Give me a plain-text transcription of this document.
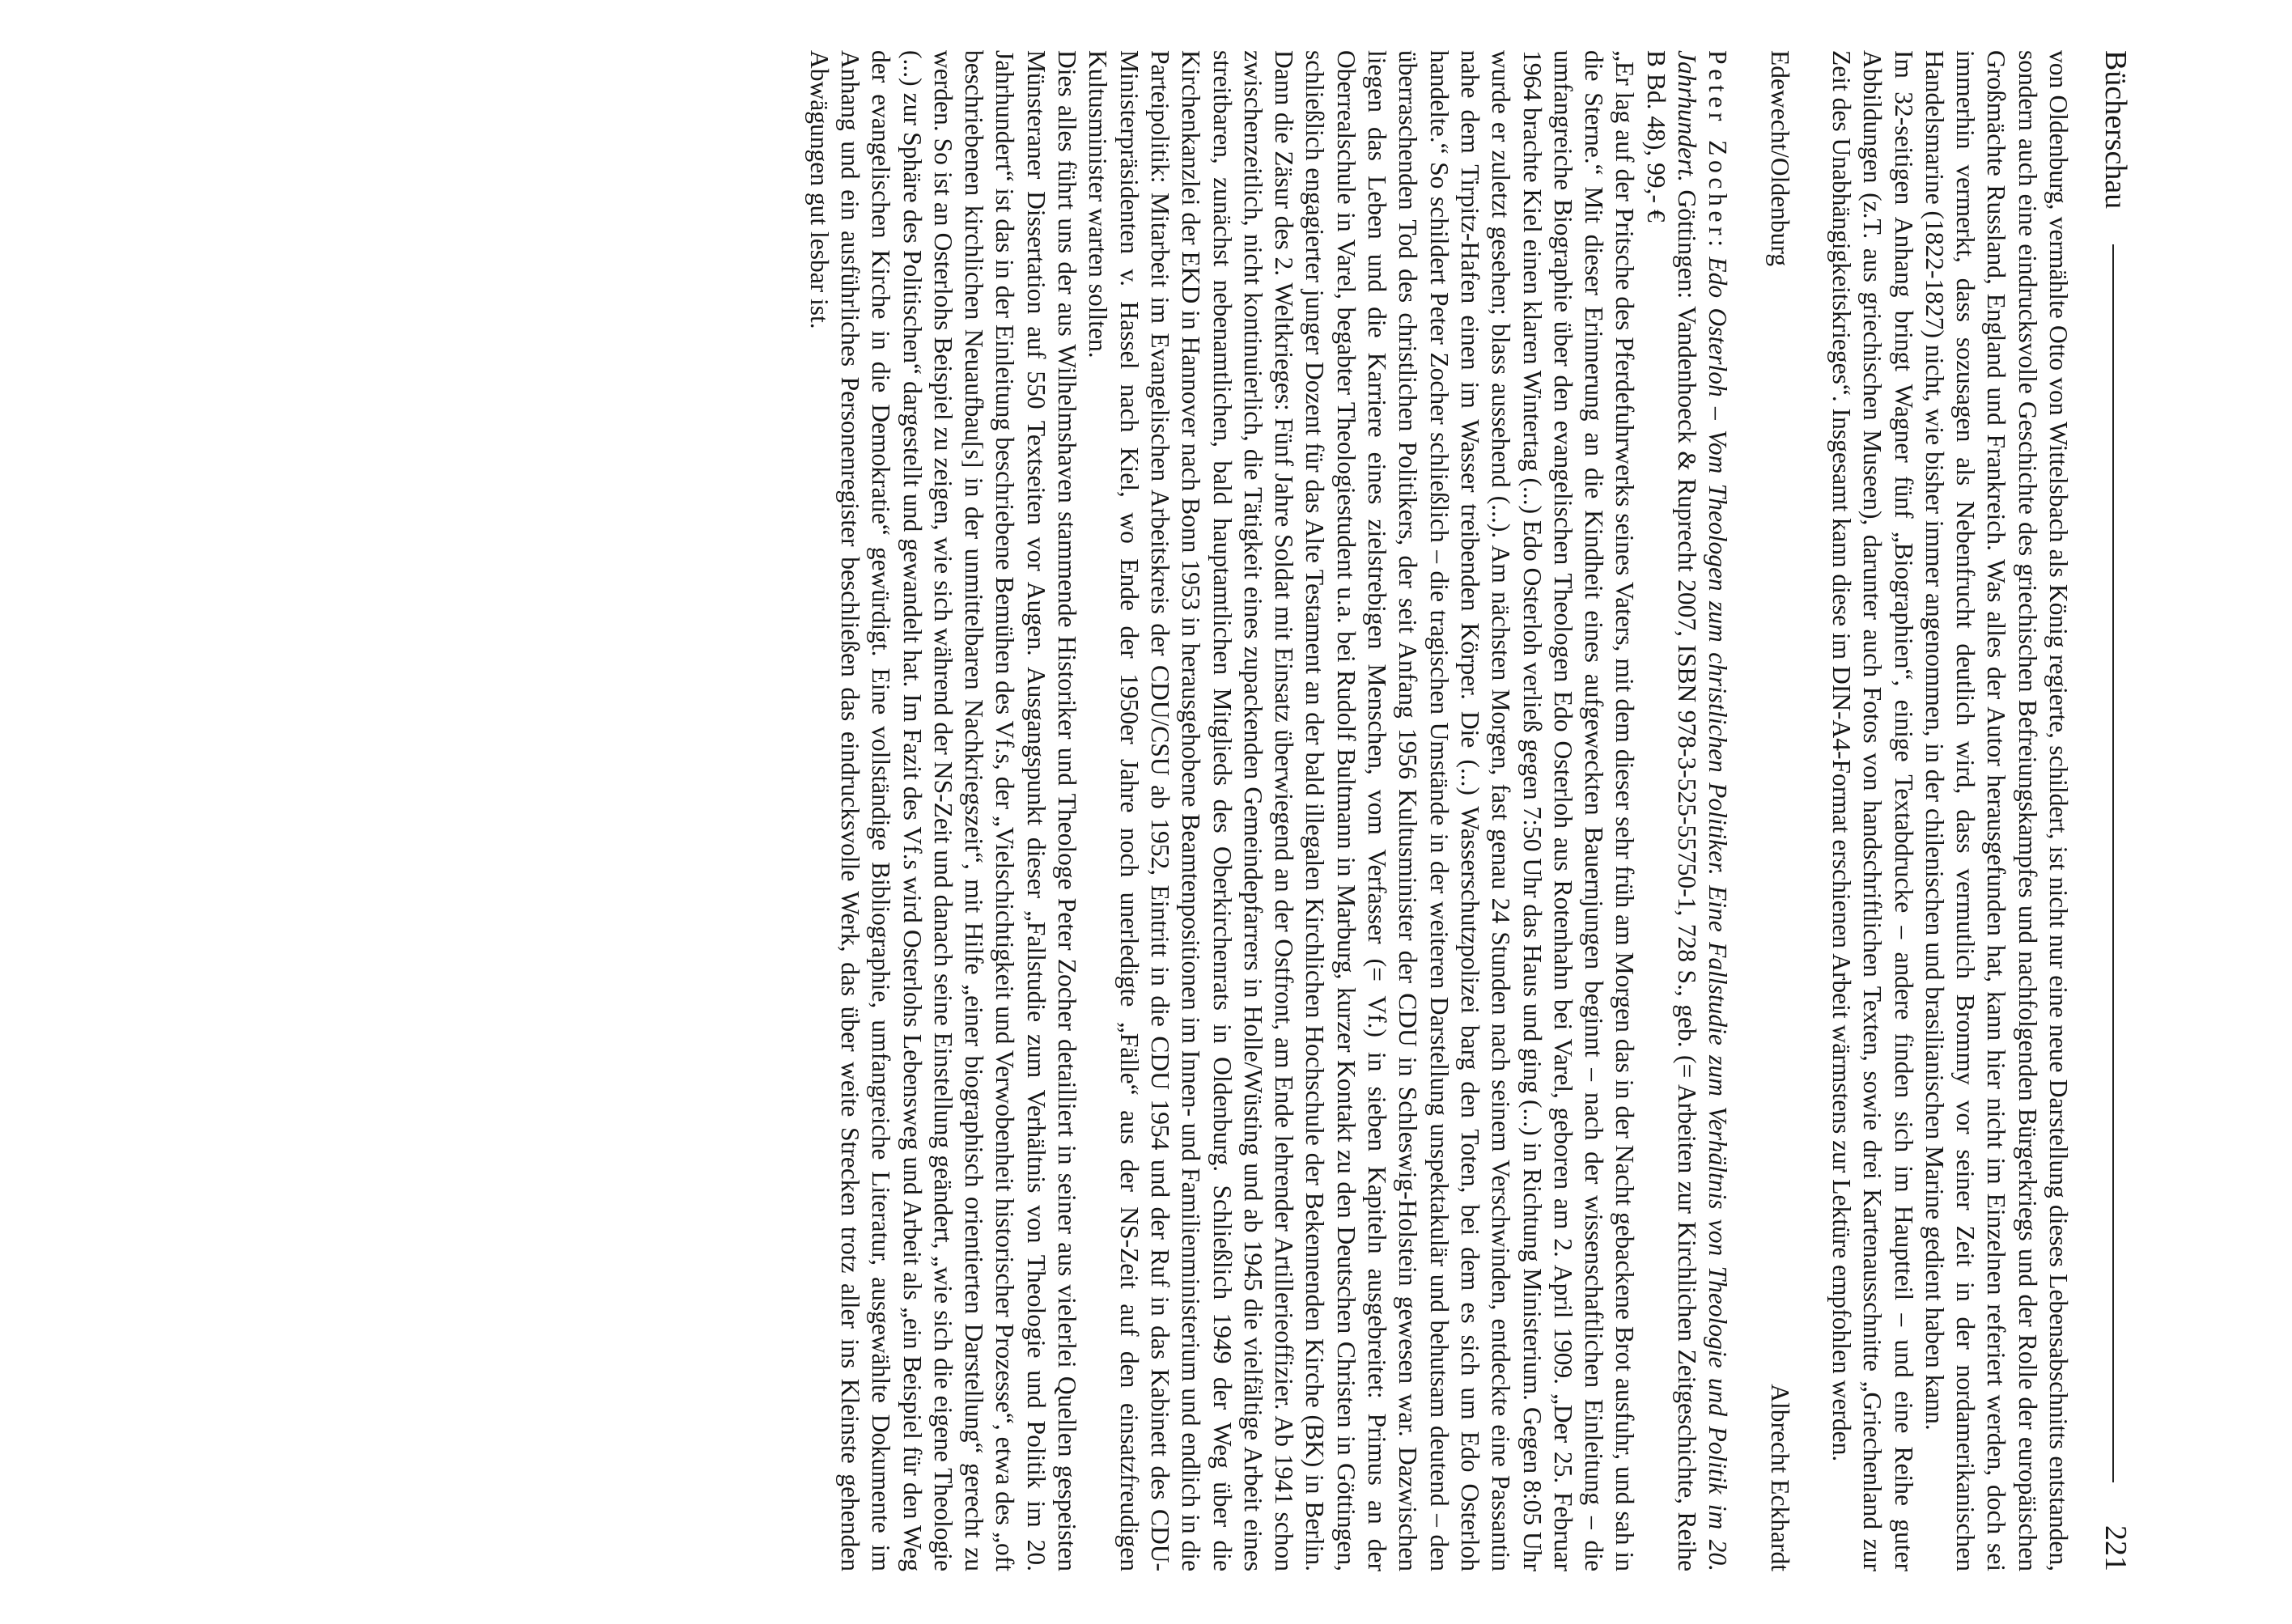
Bücherschau
221

von Oldenburg, vermählte Otto von Wittelsbach als König regierte, schildert, ist nicht nur eine neue Darstellung dieses Lebensabschnitts entstanden, sondern auch eine eindrucksvolle Geschichte des griechischen Befreiungskampfes und nachfolgenden Bürgerkriegs und der Rolle der europäischen Großmächte Russland, England und Frankreich. Was alles der Autor herausgefunden hat, kann hier nicht im Einzelnen referiert werden, doch sei immerhin vermerkt, dass sozusagen als Nebenfrucht deutlich wird, dass vermutlich Brommy vor seiner Zeit in der nordamerikanischen Handelsmarine (1822-1827) nicht, wie bisher immer angenommen, in der chilenischen und brasilianischen Marine gedient haben kann.

Im 32-seitigen Anhang bringt Wagner fünf „Biographien“, einige Textabdrucke – andere finden sich im Hauptteil – und eine Reihe guter Abbildungen (z.T. aus griechischen Museen), darunter auch Fotos von handschriftlichen Texten, sowie drei Kartenausschnitte „Griechenland zur Zeit des Unabhängigkeitskrieges“. Insgesamt kann diese im DIN-A4-Format erschienen Arbeit wärmstens zur Lektüre empfohlen werden.

Edewecht/Oldenburg
Albrecht Eckhardt

Peter Zocher: Edo Osterloh – Vom Theologen zum christlichen Politiker. Eine Fallstudie zum Verhältnis von Theologie und Politik im 20. Jahrhundert. Göttingen: Vandenhoeck & Ruprecht 2007, ISBN 978-3-525-55750-1, 728 S., geb. (= Arbeiten zur Kirchlichen Zeitgeschichte, Reihe B Bd. 48), 99,- €

„Er lag auf der Pritsche des Pferdefuhrwerks seines Vaters, mit dem dieser sehr früh am Morgen das in der Nacht gebackene Brot ausfuhr, und sah in die Sterne.“ Mit dieser Erinnerung an die Kindheit eines aufgeweckten Bauernjungen beginnt – nach der wissenschaftlichen Einleitung – die umfangreiche Biographie über den evangelischen Theologen Edo Osterloh aus Rotenhahn bei Varel, geboren am 2. April 1909. „Der 25. Februar 1964 brachte Kiel einen klaren Wintertag (...) Edo Osterloh verließ gegen 7:50 Uhr das Haus und ging (...) in Richtung Ministerium. Gegen 8:05 Uhr wurde er zuletzt gesehen; blass aussehend (...). Am nächsten Morgen, fast genau 24 Stunden nach seinem Verschwinden, entdeckte eine Passantin nahe dem Tirpitz-Hafen einen im Wasser treibenden Körper. Die (...) Wasserschutzpolizei barg den Toten, bei dem es sich um Edo Osterloh handelte.“ So schildert Peter Zocher schließlich – die tragischen Umstände in der weiteren Darstellung unspektakulär und behutsam deutend – den überraschenden Tod des christlichen Politikers, der seit Anfang 1956 Kultusminister der CDU in Schleswig-Holstein gewesen war. Dazwischen liegen das Leben und die Karriere eines zielstrebigen Menschen, vom Verfasser (= Vf.) in sieben Kapiteln ausgebreitet: Primus an der Oberrealschule in Varel, begabter Theologiestudent u.a. bei Rudolf Bultmann in Marburg, kurzer Kontakt zu den Deutschen Christen in Göttingen, schließlich engagierter junger Dozent für das Alte Testament an der bald illegalen Kirchlichen Hochschule der Bekennenden Kirche (BK) in Berlin. Dann die Zäsur des 2. Weltkrieges: Fünf Jahre Soldat mit Einsatz überwiegend an der Ostfront, am Ende lehrender Artillerieoffizier. Ab 1941 schon zwischenzeitlich, nicht kontinuierlich, die Tätigkeit eines zupackenden Gemeindepfarrers in Holle/Wüsting und ab 1945 die vielfältige Arbeit eines streitbaren, zunächst nebenamtlichen, bald hauptamtlichen Mitglieds des Oberkirchenrats in Oldenburg. Schließlich 1949 der Weg über die Kirchenkanzlei der EKD in Hannover nach Bonn 1953 in herausgehobene Beamtenpositionen im Innen- und Familienministerium und endlich in die Parteipolitik: Mitarbeit im Evangelischen Arbeitskreis der CDU/CSU ab 1952, Eintritt in die CDU 1954 und der Ruf in das Kabinett des CDU-Ministerpräsidenten v. Hassel nach Kiel, wo Ende der 1950er Jahre noch unerledigte „Fälle“ aus der NS-Zeit auf den einsatzfreudigen Kultusminister warten sollten.

Dies alles führt uns der aus Wilhelmshaven stammende Historiker und Theologe Peter Zocher detailliert in seiner aus vielerlei Quellen gespeisten Münsteraner Dissertation auf 550 Textseiten vor Augen. Ausgangspunkt dieser „Fallstudie zum Verhältnis von Theologie und Politik im 20. Jahrhundert“ ist das in der Einleitung beschriebene Bemühen des Vf.s, der „Vielschichtigkeit und Verwobenheit historischer Prozesse“, etwa des „oft beschriebenen kirchlichen Neuaufbau[s] in der unmittelbaren Nachkriegszeit“, mit Hilfe „einer biographisch orientierten Darstellung“ gerecht zu werden. So ist an Osterlohs Beispiel zu zeigen, wie sich während der NS-Zeit und danach seine Einstellung geändert, „wie sich die eigene Theologie (...) zur Sphäre des Politischen“ dargestellt und gewandelt hat. Im Fazit des Vf.s wird Osterlohs Lebensweg und Arbeit als „ein Beispiel für den Weg der evangelischen Kirche in die Demokratie“ gewürdigt. Eine vollständige Bibliographie, umfangreiche Literatur, ausgewählte Dokumente im Anhang und ein ausführliches Personenregister beschließen das eindrucksvolle Werk, das über weite Strecken trotz aller ins Kleinste gehenden Abwägungen gut lesbar ist.
